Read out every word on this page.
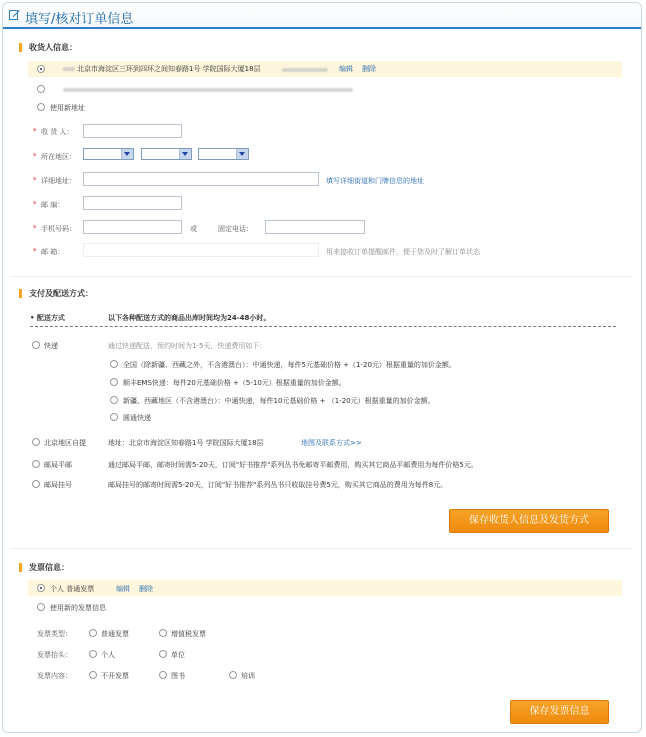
填写/核对订单信息
收货人信息：
北京市海淀区三环到四环之间知春路1号 学院国际大厦18层	编辑 删除
使用新地址
* 收 货 人：
* 所在地区：
* 详细地址：	填写详细街道和门牌信息的地址
* 邮 编：
* 手机号码：	或	固定电话：
* 邮 箱：	用来接收订单提醒邮件，便于您及时了解订单状态
支付及配送方式：
• 配送方式	以下各种配送方式的商品出库时间均为24-48小时。
快递	通过快递配送，预约时间为1-5天，快递费用如下：
全国（除新疆、西藏之外，不含港澳台）：中通快递，每件5元基础价格 +（1-20元）根据重量的加价金额。
顺丰EMS快递：每件20元基础价格 +（5-10元）根据重量的加价金额。
新疆、西藏地区（不含港澳台）：中通快递，每件10元基础价格 + （1-20元）根据重量的加价金额。
圆通快递
北京地区自提	地址：北京市海淀区知春路1号 学院国际大厦18层	地图及联系方式>>
邮局平邮	通过邮局平邮，邮寄时间需5-20天，订阅"好书推荐"系列丛书免邮寄平邮费用，购买其它商品平邮费用为每件价格5元。
邮局挂号	邮局挂号的邮寄时间需5-20天，订阅"好书推荐"系列丛书只收取挂号费5元，购买其它商品的费用为每件8元。
保存收货人信息及发货方式
发票信息：
个人 普通发票	编辑 删除
使用新的发票信息
发票类型：	普通发票	增值税发票
发票抬头：	个人	单位
发票内容：	不开发票	图书	培训
保存发票信息
